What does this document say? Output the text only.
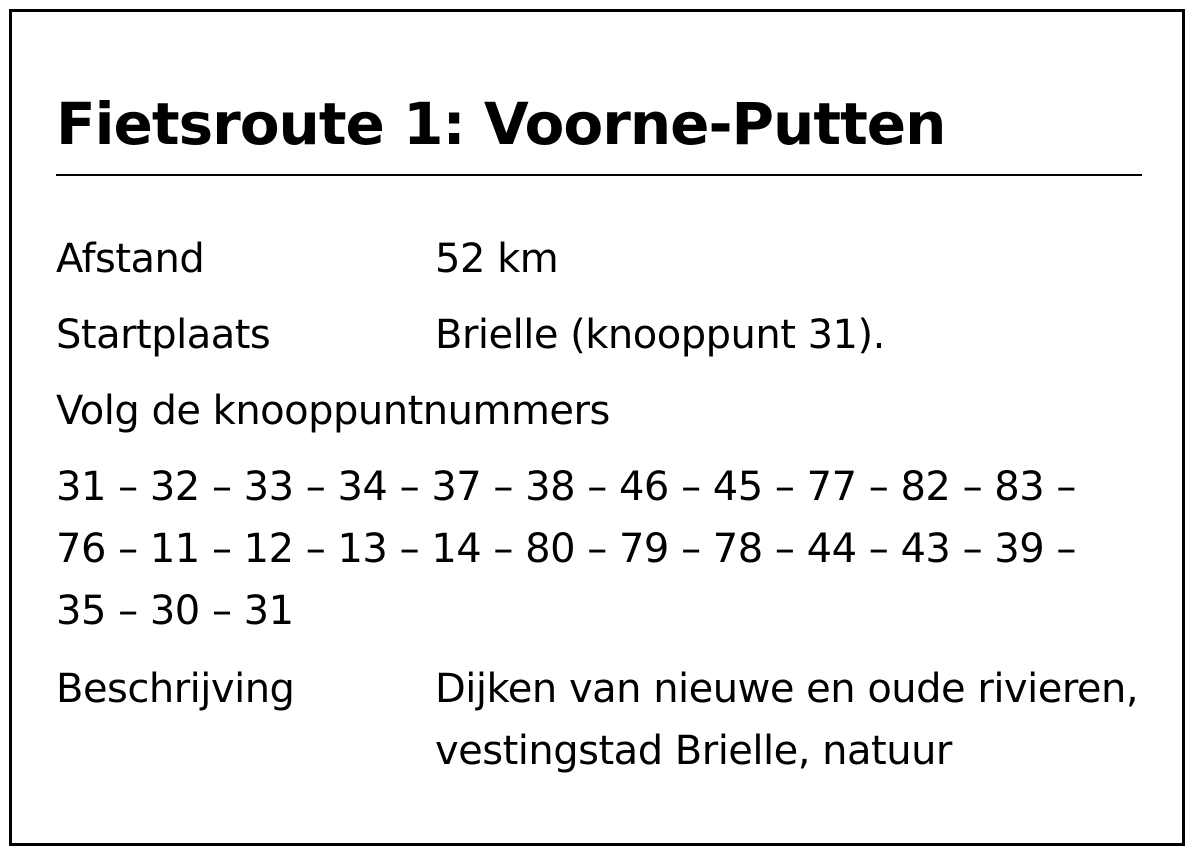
Fietsroute 1: Voorne-Putten
Afstand	52 km
Startplaats	Brielle (knooppunt 31).
Volg de knooppuntnummers
31 – 32 – 33 – 34 – 37 – 38 – 46 – 45 – 77 – 82 – 83 –
76 – 11 – 12 – 13 – 14 – 80 – 79 – 78 – 44 – 43 – 39 –
35 – 30 – 31
Beschrijving	Dijken van nieuwe en oude rivieren,
vestingstad Brielle, natuur
